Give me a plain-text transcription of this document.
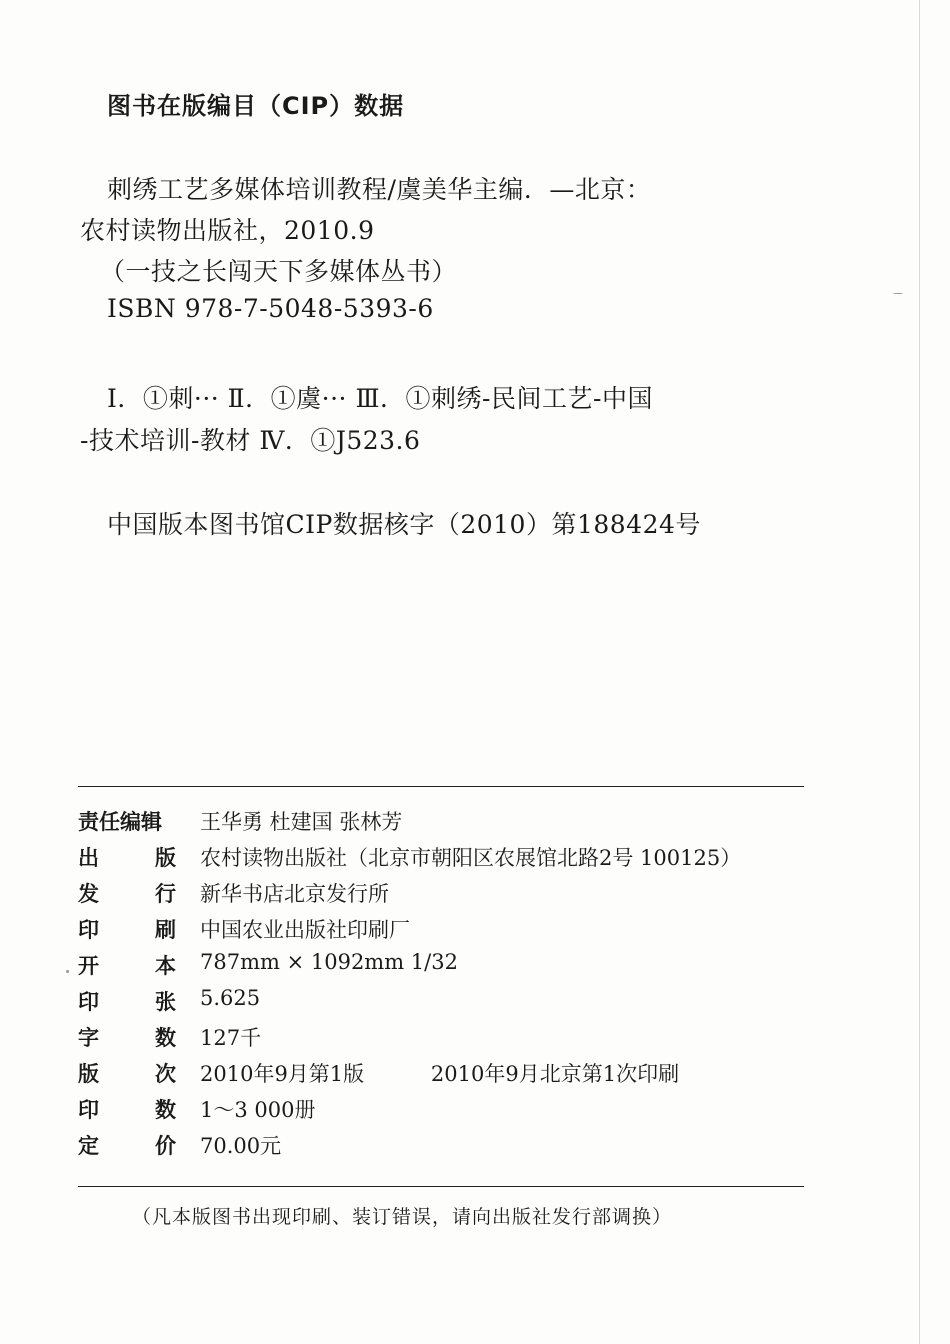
图书在版编目（CIP）数据
刺绣工艺多媒体培训教程/虞美华主编．—北京：
农村读物出版社，2010.9
（一技之长闯天下多媒体丛书）
ISBN 978-7-5048-5393-6
Ⅰ．①刺··· Ⅱ．①虞··· Ⅲ．①刺绣-民间工艺-中国
-技术培训-教材 Ⅳ．①J523.6
中国版本图书馆CIP数据核字（2010）第188424号
责任编辑	王华勇 杜建国 张林芳
出	版 农村读物出版社（北京市朝阳区农展馆北路2号 100125）
发	行 新华书店北京发行所
印	刷 中国农业出版社印刷厂
开	本 787mm × 1092mm 1/32
印	张 5.625
字	数 127千
版	次 2010年9月第1版          2010年9月北京第1次印刷
印	数 1～3 000册
定	价 70.00元
（凡本版图书出现印刷、装订错误，请向出版社发行部调换）
